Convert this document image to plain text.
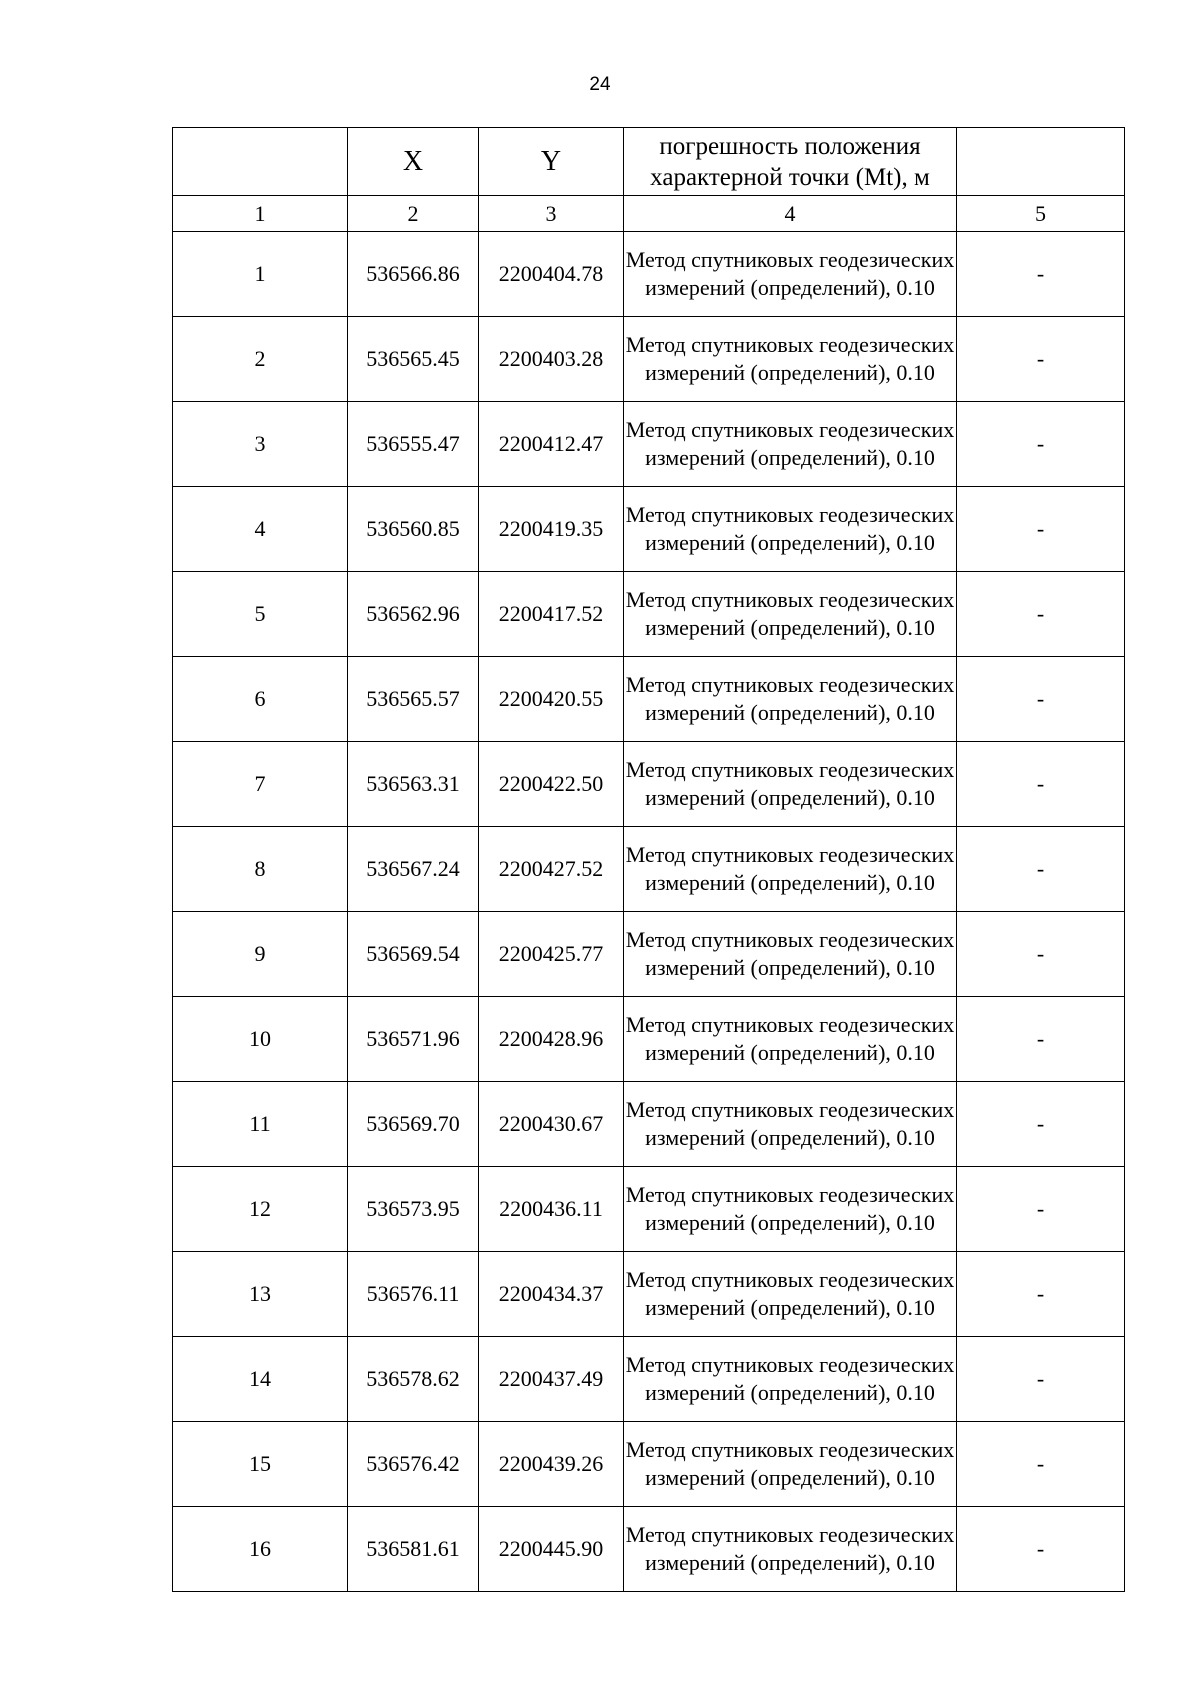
24
	X	Y	погрешность положения характерной точки (Mt), м	
1	2	3	4	5
1	536566.86	2200404.78	Метод спутниковых геодезических измерений (определений), 0.10	-
2	536565.45	2200403.28	Метод спутниковых геодезических измерений (определений), 0.10	-
3	536555.47	2200412.47	Метод спутниковых геодезических измерений (определений), 0.10	-
4	536560.85	2200419.35	Метод спутниковых геодезических измерений (определений), 0.10	-
5	536562.96	2200417.52	Метод спутниковых геодезических измерений (определений), 0.10	-
6	536565.57	2200420.55	Метод спутниковых геодезических измерений (определений), 0.10	-
7	536563.31	2200422.50	Метод спутниковых геодезических измерений (определений), 0.10	-
8	536567.24	2200427.52	Метод спутниковых геодезических измерений (определений), 0.10	-
9	536569.54	2200425.77	Метод спутниковых геодезических измерений (определений), 0.10	-
10	536571.96	2200428.96	Метод спутниковых геодезических измерений (определений), 0.10	-
11	536569.70	2200430.67	Метод спутниковых геодезических измерений (определений), 0.10	-
12	536573.95	2200436.11	Метод спутниковых геодезических измерений (определений), 0.10	-
13	536576.11	2200434.37	Метод спутниковых геодезических измерений (определений), 0.10	-
14	536578.62	2200437.49	Метод спутниковых геодезических измерений (определений), 0.10	-
15	536576.42	2200439.26	Метод спутниковых геодезических измерений (определений), 0.10	-
16	536581.61	2200445.90	Метод спутниковых геодезических измерений (определений), 0.10	-
